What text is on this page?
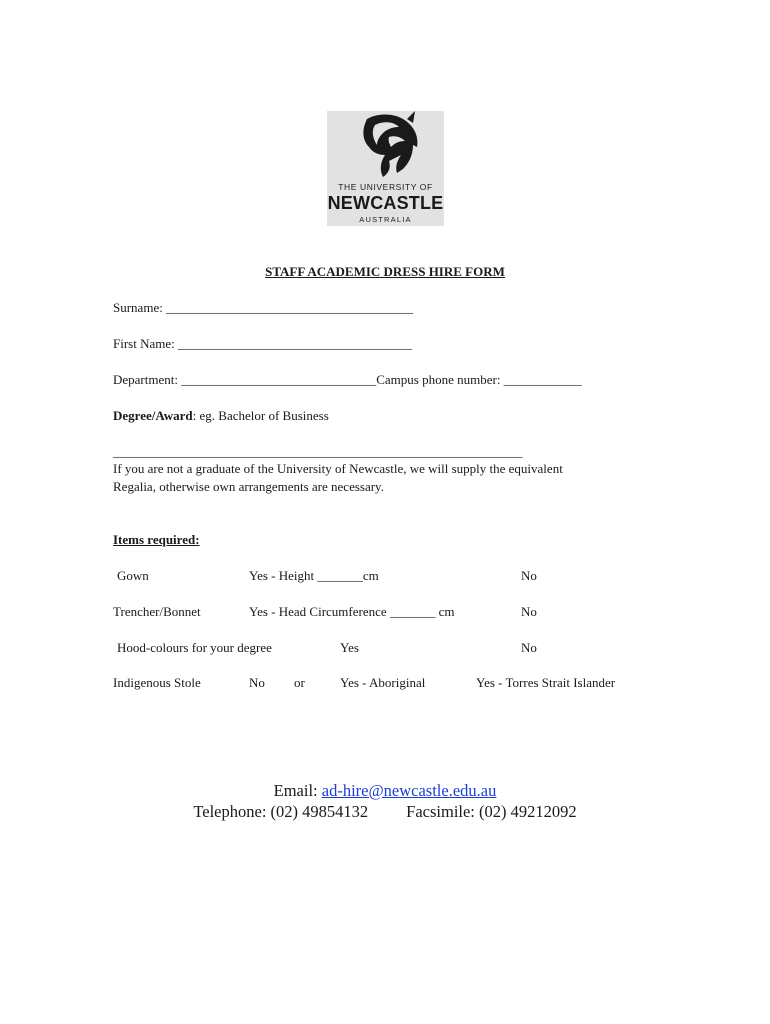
THE UNIVERSITY OF
NEWCASTLE
AUSTRALIA
STAFF ACADEMIC DRESS HIRE FORM
Surname: ______________________________________
First Name: ____________________________________
Department: ______________________________Campus phone number: ____________
Degree/Award: eg. Bachelor of Business
_______________________________________________________________
If you are not a graduate of the University of Newcastle, we will supply the equivalent
Regalia, otherwise own arrangements are necessary.
Items required:
Gown	Yes - Height _______cm	No
Trencher/Bonnet	Yes - Head Circumference _______ cm	No
Hood-colours for your degree	Yes	No
Indigenous Stole	No or	Yes - Aboriginal	Yes - Torres Strait Islander
Email: ad-hire@newcastle.edu.au
Telephone: (02) 49854132 Facsimile: (02) 49212092
